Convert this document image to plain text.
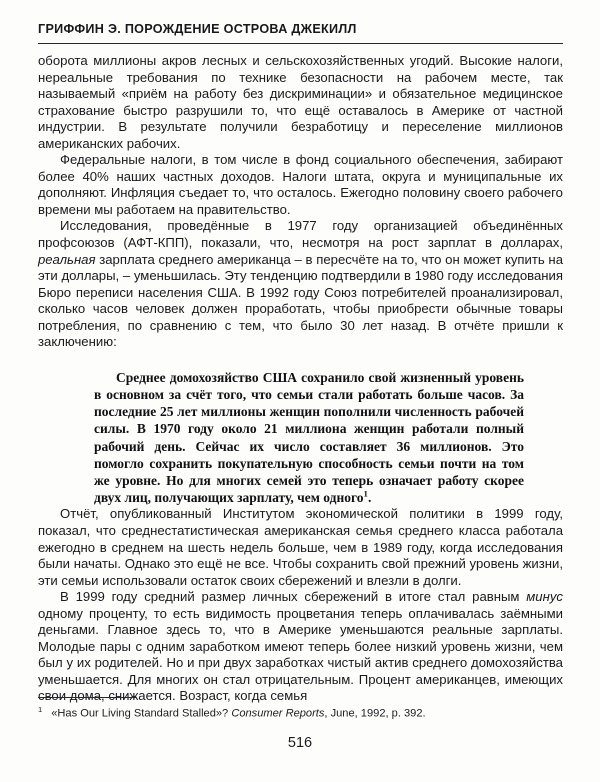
ГРИФФИН Э. ПОРОЖДЕНИЕ ОСТРОВА ДЖЕКИЛЛ

оборота миллионы акров лесных и сельскохозяйственных угодий. Высокие налоги, нереальные требования по технике безопасности на рабочем месте, так называемый «приём на работу без дискриминации» и обязательное медицинское страхование быстро разрушили то, что ещё оставалось в Америке от частной индустрии. В результате получили безработицу и переселение миллионов американских рабочих.

Федеральные налоги, в том числе в фонд социального обеспечения, забирают более 40% наших частных доходов. Налоги штата, округа и муниципальные их дополняют. Инфляция съедает то, что осталось. Ежегодно половину своего рабочего времени мы работаем на правительство.

Исследования, проведённые в 1977 году организацией объединённых профсоюзов (АФТ-КПП), показали, что, несмотря на рост зарплат в долларах, реальная зарплата среднего американца – в пересчёте на то, что он может купить на эти доллары, – уменьшилась. Эту тенденцию подтвердили в 1980 году исследования Бюро переписи населения США. В 1992 году Союз потребителей проанализировал, сколько часов человек должен проработать, чтобы приобрести обычные товары потребления, по сравнению с тем, что было 30 лет назад. В отчёте пришли к заключению:

Среднее домохозяйство США сохранило свой жизненный уровень в основном за счёт того, что семьи стали работать больше часов. За последние 25 лет миллионы женщин пополнили численность рабочей силы. В 1970 году около 21 миллиона женщин работали полный рабочий день. Сейчас их число составляет 36 миллионов. Это помогло сохранить покупательную способность семьи почти на том же уровне. Но для многих семей это теперь означает работу скорее двух лиц, получающих зарплату, чем одного$^1$.

Отчёт, опубликованный Институтом экономической политики в 1999 году, показал, что среднестатистическая американская семья среднего класса работала ежегодно в среднем на шесть недель больше, чем в 1989 году, когда исследования были начаты. Однако это ещё не все. Чтобы сохранить свой прежний уровень жизни, эти семьи использовали остаток своих сбережений и влезли в долги.

В 1999 году средний размер личных сбережений в итоге стал равным минус одному проценту, то есть видимость процветания теперь оплачивалась заёмными деньгами. Главное здесь то, что в Америке уменьшаются реальные зарплаты. Молодые пары с одним заработком имеют теперь более низкий уровень жизни, чем был у их родителей. Но и при двух заработках чистый актив среднего домохозяйства уменьшается. Для многих он стал отрицательным. Процент американцев, имеющих свои дома, снижается. Возраст, когда семья

$^1$ «Has Our Living Standard Stalled»? Consumer Reports, June, 1992, p. 392.
516
